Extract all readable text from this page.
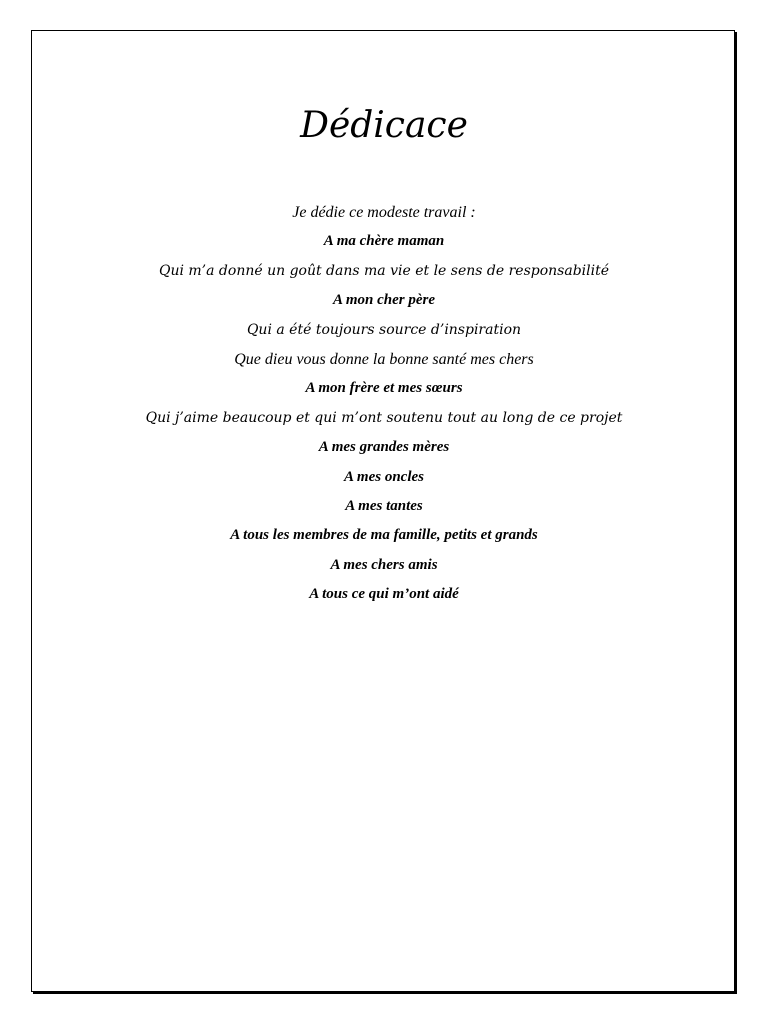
Dédicace
Je dédie ce modeste travail :
A ma chère maman
Qui m’a donné un goût dans ma vie et le sens de responsabilité
A mon cher père
Qui a été toujours source d’inspiration
Que dieu vous donne la bonne santé mes chers
A mon frère et mes sœurs
Qui j’aime beaucoup et qui m’ont soutenu tout au long de ce projet
A mes grandes mères
A mes oncles
A mes tantes
A tous les membres de ma famille, petits et grands
A mes chers amis
A tous ce qui m’ont aidé
